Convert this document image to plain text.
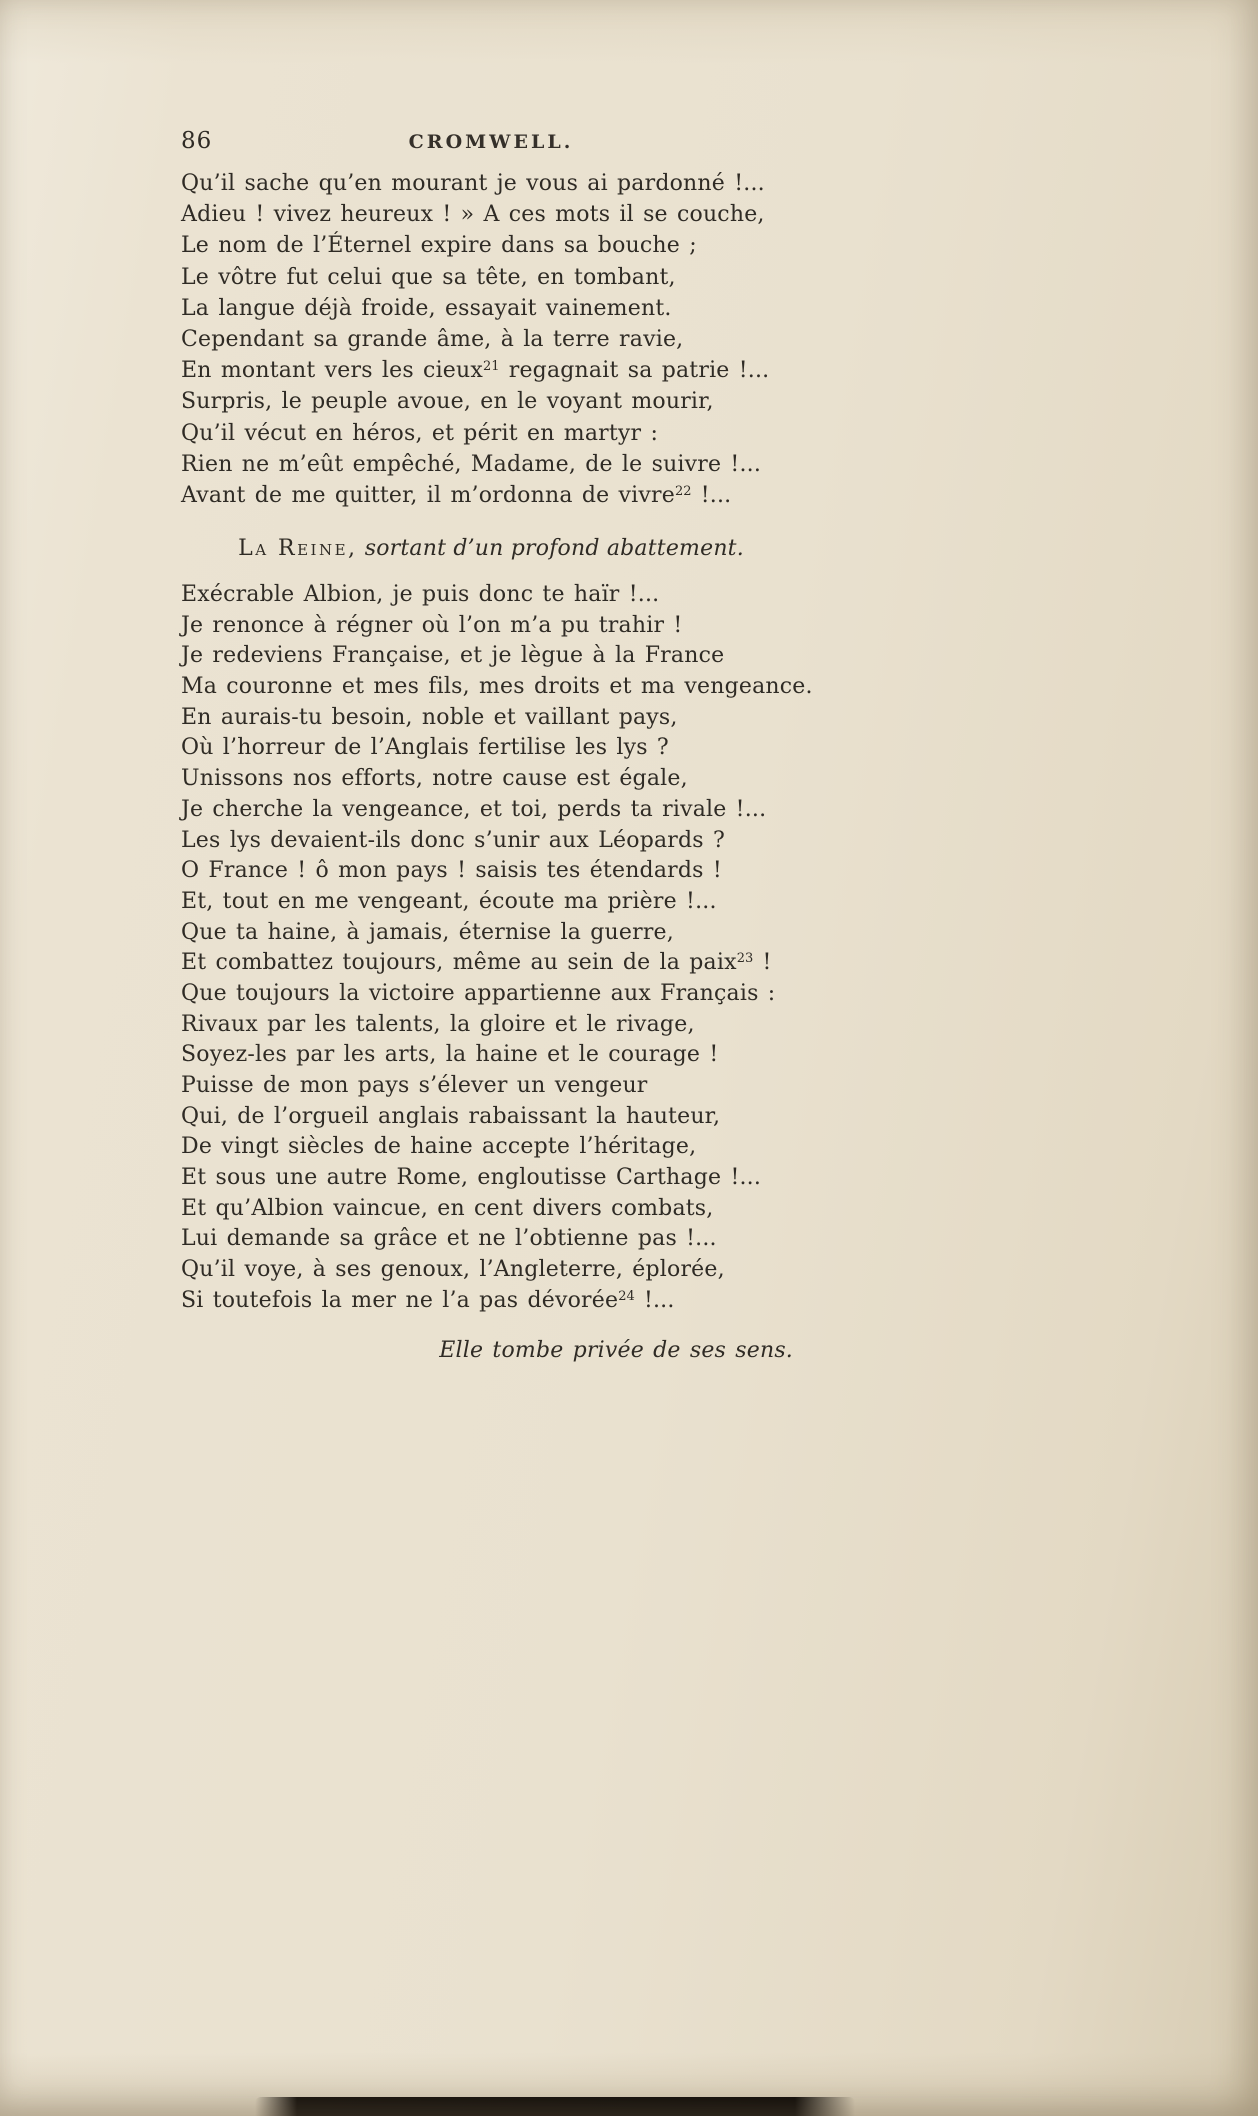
86	CROMWELL.
Qu’il sache qu’en mourant je vous ai pardonné !...
Adieu ! vivez heureux ! » A ces mots il se couche,
Le nom de l’Éternel expire dans sa bouche ;
Le vôtre fut celui que sa tête, en tombant,
La langue déjà froide, essayait vainement.
Cependant sa grande âme, à la terre ravie,
En montant vers les cieux$^{21}$ regagnait sa patrie !...
Surpris, le peuple avoue, en le voyant mourir,
Qu’il vécut en héros, et périt en martyr :
Rien ne m’eût empêché, Madame, de le suivre !...
Avant de me quitter, il m’ordonna de vivre$^{22}$ !...
La Reine, sortant d’un profond abattement.
Exécrable Albion, je puis donc te haïr !...
Je renonce à régner où l’on m’a pu trahir !
Je redeviens Française, et je lègue à la France
Ma couronne et mes fils, mes droits et ma vengeance.
En aurais-tu besoin, noble et vaillant pays,
Où l’horreur de l’Anglais fertilise les lys ?
Unissons nos efforts, notre cause est égale,
Je cherche la vengeance, et toi, perds ta rivale !...
Les lys devaient-ils donc s’unir aux Léopards ?
O France ! ô mon pays ! saisis tes étendards !
Et, tout en me vengeant, écoute ma prière !...
Que ta haine, à jamais, éternise la guerre,
Et combattez toujours, même au sein de la paix$^{23}$ !
Que toujours la victoire appartienne aux Français :
Rivaux par les talents, la gloire et le rivage,
Soyez-les par les arts, la haine et le courage !
Puisse de mon pays s’élever un vengeur
Qui, de l’orgueil anglais rabaissant la hauteur,
De vingt siècles de haine accepte l’héritage,
Et sous une autre Rome, engloutisse Carthage !...
Et qu’Albion vaincue, en cent divers combats,
Lui demande sa grâce et ne l’obtienne pas !...
Qu’il voye, à ses genoux, l’Angleterre, éplorée,
Si toutefois la mer ne l’a pas dévorée$^{24}$ !...
Elle tombe privée de ses sens.
